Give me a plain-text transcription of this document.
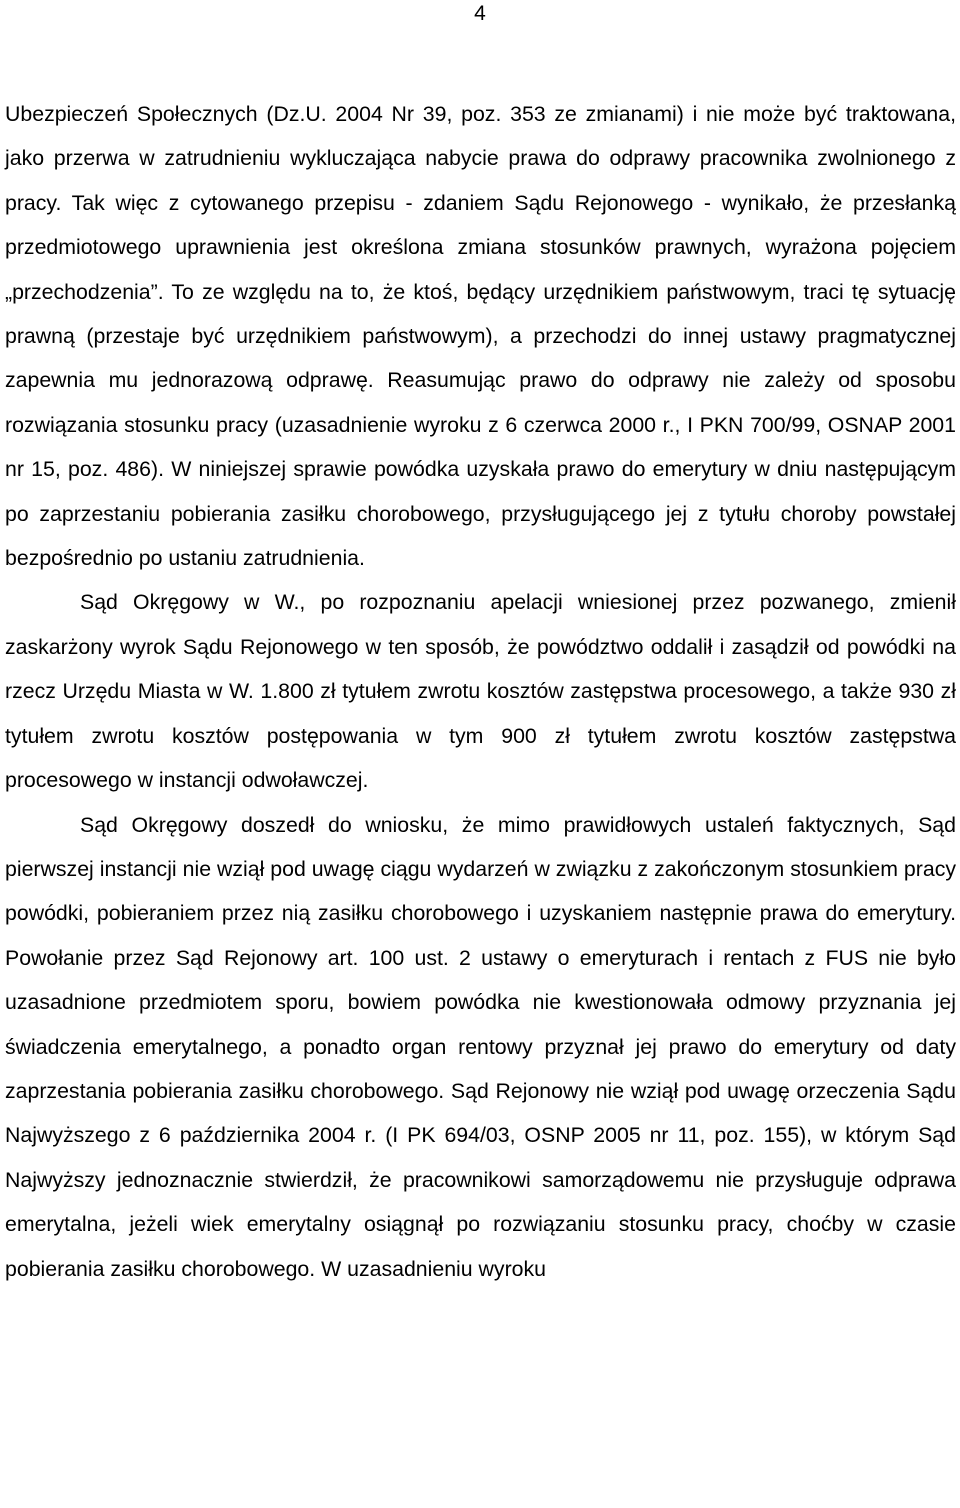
4

Ubezpieczeń Społecznych (Dz.U. 2004 Nr 39, poz. 353 ze zmianami) i nie może być traktowana, jako przerwa w zatrudnieniu wykluczająca nabycie prawa do odprawy pracownika zwolnionego z pracy. Tak więc z cytowanego przepisu - zdaniem Sądu Rejonowego - wynikało, że przesłanką przedmiotowego uprawnienia jest określona zmiana stosunków prawnych, wyrażona pojęciem „przechodzenia”. To ze względu na to, że ktoś, będący urzędnikiem państwowym, traci tę sytuację prawną (przestaje być urzędnikiem państwowym), a przechodzi do innej ustawy pragmatycznej zapewnia mu jednorazową odprawę. Reasumując prawo do odprawy nie zależy od sposobu rozwiązania stosunku pracy (uzasadnienie wyroku z 6 czerwca 2000 r., I PKN 700/99, OSNAP 2001 nr 15, poz. 486). W niniejszej sprawie powódka uzyskała prawo do emerytury w dniu następującym po zaprzestaniu pobierania zasiłku chorobowego, przysługującego jej z tytułu choroby powstałej bezpośrednio po ustaniu zatrudnienia.

Sąd Okręgowy w W., po rozpoznaniu apelacji wniesionej przez pozwanego, zmienił zaskarżony wyrok Sądu Rejonowego w ten sposób, że powództwo oddalił i zasądził od powódki na rzecz Urzędu Miasta w W. 1.800 zł tytułem zwrotu kosztów zastępstwa procesowego, a także 930 zł tytułem zwrotu kosztów postępowania w tym 900 zł tytułem zwrotu kosztów zastępstwa procesowego w instancji odwoławczej.

Sąd Okręgowy doszedł do wniosku, że mimo prawidłowych ustaleń faktycznych, Sąd pierwszej instancji nie wziął pod uwagę ciągu wydarzeń w związku z zakończonym stosunkiem pracy powódki, pobieraniem przez nią zasiłku chorobowego i uzyskaniem następnie prawa do emerytury. Powołanie przez Sąd Rejonowy art. 100 ust. 2 ustawy o emeryturach i rentach z FUS nie było uzasadnione przedmiotem sporu, bowiem powódka nie kwestionowała odmowy przyznania jej świadczenia emerytalnego, a ponadto organ rentowy przyznał jej prawo do emerytury od daty zaprzestania pobierania zasiłku chorobowego. Sąd Rejonowy nie wziął pod uwagę orzeczenia Sądu Najwyższego z 6 października 2004 r. (I PK 694/03, OSNP 2005 nr 11, poz. 155), w którym Sąd Najwyższy jednoznacznie stwierdził, że pracownikowi samorządowemu nie przysługuje odprawa emerytalna, jeżeli wiek emerytalny osiągnął po rozwiązaniu stosunku pracy, choćby w czasie pobierania zasiłku chorobowego. W uzasadnieniu wyroku
